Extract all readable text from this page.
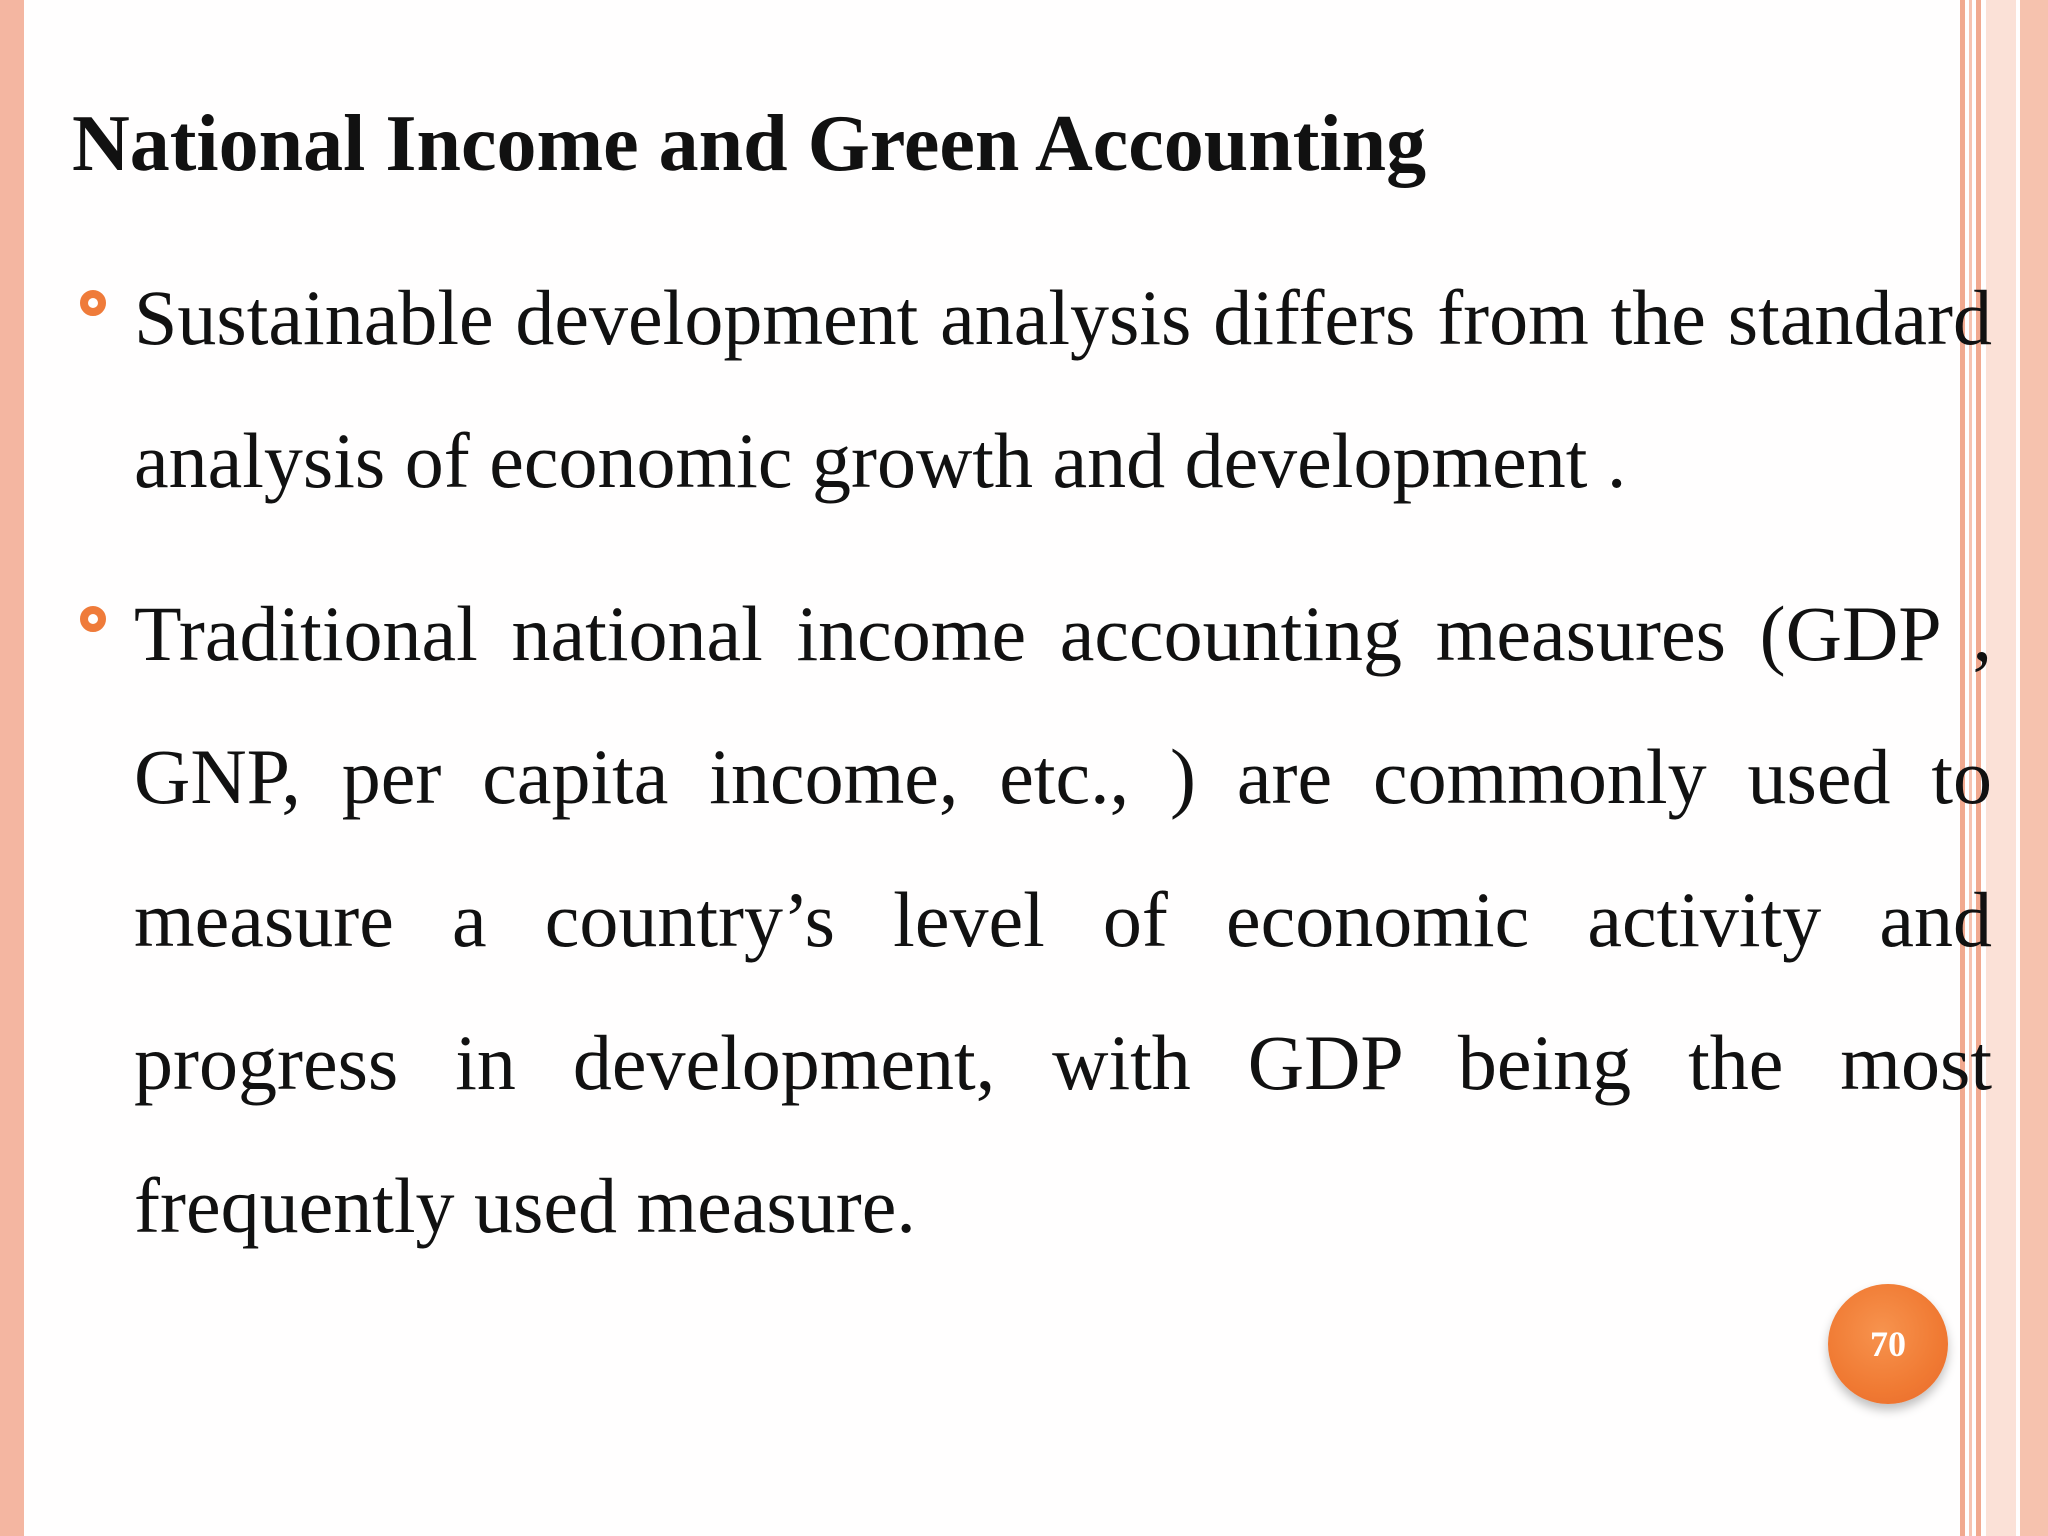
National Income and Green Accounting
Sustainable development analysis differs from the standard analysis of economic growth and development .
Traditional national income accounting measures (GDP , GNP, per capita income, etc., ) are commonly used to measure a country’s level of economic activity and progress in development, with GDP being the most frequently used measure.
70
